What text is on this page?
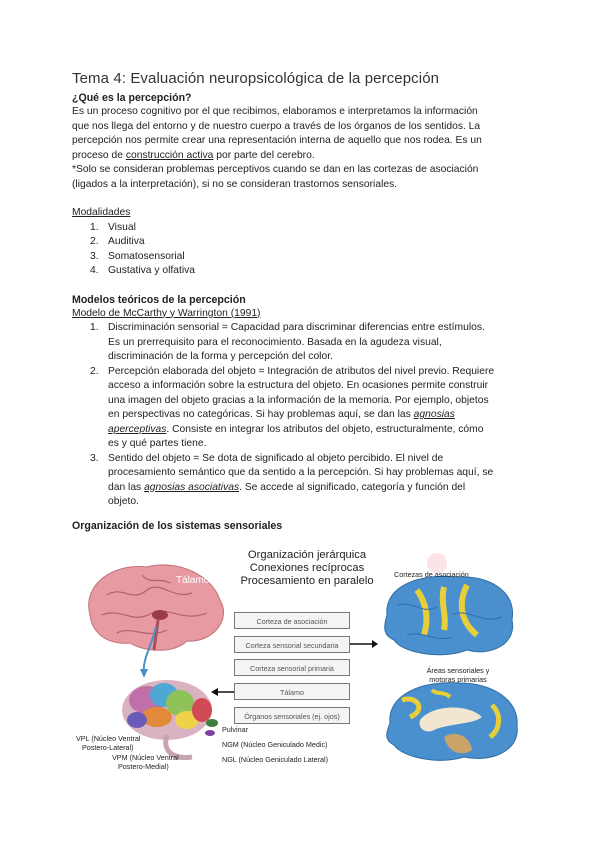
Tema 4: Evaluación neuropsicológica de la percepción

¿Qué es la percepción?

Es un proceso cognitivo por el que recibimos, elaboramos e interpretamos la información

que nos llega del entorno y de nuestro cuerpo a través de los órganos de los sentidos. La

percepción nos permite crear una representación interna de aquello que nos rodea. Es un

proceso de construcción activa por parte del cerebro.

*Solo se consideran problemas perceptivos cuando se dan en las cortezas de asociación

(ligados a la interpretación), si no se consideran trastornos sensoriales.

Modalidades

1. Visual
2. Auditiva
3. Somatosensorial
4. Gustativa y olfativa

Modelos teóricos de la percepción

Modelo de McCarthy y Warrington (1991)

1. Discriminación sensorial = Capacidad para discriminar diferencias entre estímulos.
Es un prerrequisito para el reconocimiento. Basada en la agudeza visual,
discriminación de la forma y percepción del color.
2. Percepción elaborada del objeto = Integración de atributos del nivel previo. Requiere
acceso a información sobre la estructura del objeto. En ocasiones permite construir
una imagen del objeto gracias a la información de la memoria. Por ejemplo, objetos
en perspectivas no categóricas. Si hay problemas aquí, se dan las agnosias
aperceptivas. Consiste en integrar los atributos del objeto, estructuralmente, cómo
es y qué partes tiene.
3. Sentido del objeto = Se dota de significado al objeto percibido. El nivel de
procesamiento semántico que da sentido a la percepción. Si hay problemas aquí, se
dan las agnosias asociativas. Se accede al significado, categoría y función del
objeto.

Organización de los sistemas sensoriales

Organización jerárquica
Conexiones recíprocas
Procesamiento en paralelo
Tálamo
Corteza de asociación
Corteza sensorial secundaria
Corteza sensorial primaria
Tálamo
Órganos sensoriales (ej. ojos)
Cortezas de asociación
Áreas sensoriales y
motoras primarias
VPL (Núcleo Ventral
Postero-Lateral)
VPM (Núcleo Ventral
Postero-Medial)
Pulvinar
NGM (Núcleo Geniculado Medic)
NGL (Núcleo Geniculado Lateral)
